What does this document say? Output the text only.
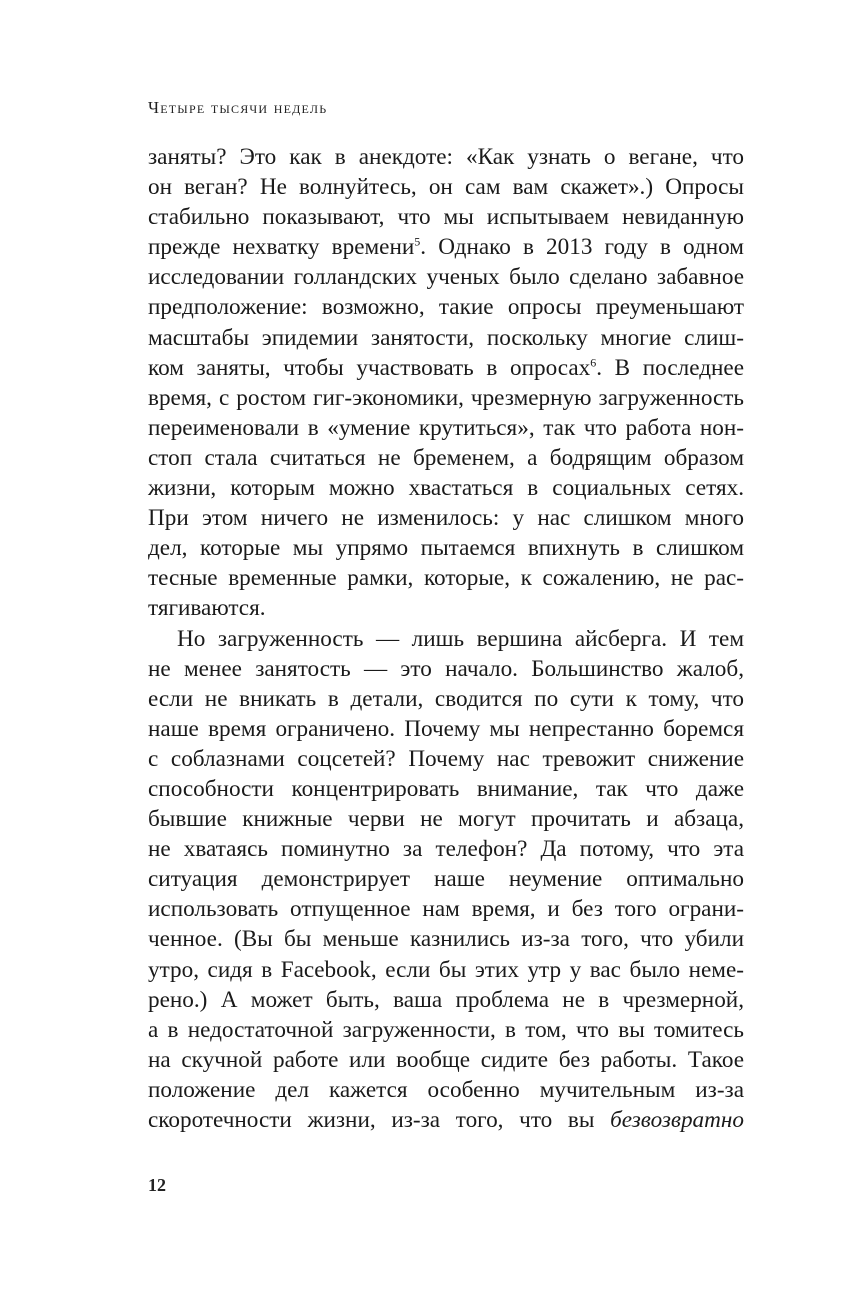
Четыре тысячи недель
заняты? Это как в анекдоте: «Как узнать о вегане, что
он веган? Не волнуйтесь, он сам вам скажет».) Опросы
стабильно показывают, что мы испытываем невиданную
прежде нехватку времени$^5$. Однако в 2013 году в одном
исследовании голландских ученых было сделано забавное
предположение: возможно, такие опросы преуменьшают
масштабы эпидемии занятости, поскольку многие слиш-
ком заняты, чтобы участвовать в опросах$^6$. В последнее
время, с ростом гиг-экономики, чрезмерную загруженность
переименовали в «умение крутиться», так что работа нон-
стоп стала считаться не бременем, а бодрящим образом
жизни, которым можно хвастаться в социальных сетях.
При этом ничего не изменилось: у нас слишком много
дел, которые мы упрямо пытаемся впихнуть в слишком
тесные временные рамки, которые, к сожалению, не рас-
тягиваются.
Но загруженность — лишь вершина айсберга. И тем
не менее занятость — это начало. Большинство жалоб,
если не вникать в детали, сводится по сути к тому, что
наше время ограничено. Почему мы непрестанно боремся
с соблазнами соцсетей? Почему нас тревожит снижение
способности концентрировать внимание, так что даже
бывшие книжные черви не могут прочитать и абзаца,
не хватаясь поминутно за телефон? Да потому, что эта
ситуация демонстрирует наше неумение оптимально
использовать отпущенное нам время, и без того ограни-
ченное. (Вы бы меньше казнились из-за того, что убили
утро, сидя в Facebook, если бы этих утр у вас было неме-
рено.) А может быть, ваша проблема не в чрезмерной,
а в недостаточной загруженности, в том, что вы томитесь
на скучной работе или вообще сидите без работы. Такое
положение дел кажется особенно мучительным из-за
скоротечности жизни, из-за того, что вы безвозвратно
12
